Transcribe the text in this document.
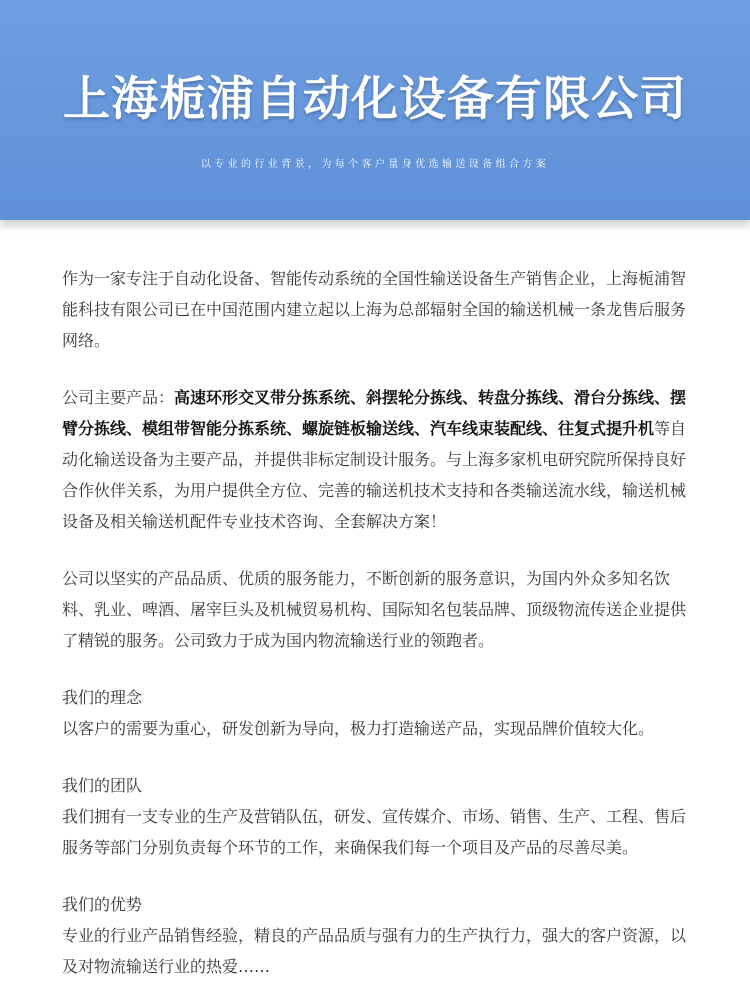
上海栀浦自动化设备有限公司

以专业的行业背景，为每个客户量身优选输送设备组合方案

作为一家专注于自动化设备、智能传动系统的全国性输送设备生产销售企业，上海栀浦智能科技有限公司已在中国范围内建立起以上海为总部辐射全国的输送机械一条龙售后服务网络。

公司主要产品：高速环形交叉带分拣系统、斜摆轮分拣线、转盘分拣线、滑台分拣线、摆臂分拣线、模组带智能分拣系统、螺旋链板输送线、汽车线束装配线、往复式提升机等自动化输送设备为主要产品，并提供非标定制设计服务。与上海多家机电研究院所保持良好合作伙伴关系，为用户提供全方位、完善的输送机技术支持和各类输送流水线，输送机械设备及相关输送机配件专业技术咨询、全套解决方案！

公司以坚实的产品品质、优质的服务能力，不断创新的服务意识，为国内外众多知名饮料、乳业、啤酒、屠宰巨头及机械贸易机构、国际知名包装品牌、顶级物流传送企业提供了精锐的服务。公司致力于成为国内物流输送行业的领跑者。

我们的理念
以客户的需要为重心，研发创新为导向，极力打造输送产品，实现品牌价值较大化。

我们的团队
我们拥有一支专业的生产及营销队伍，研发、宣传媒介、市场、销售、生产、工程、售后服务等部门分别负责每个环节的工作，来确保我们每一个项目及产品的尽善尽美。

我们的优势
专业的行业产品销售经验，精良的产品品质与强有力的生产执行力，强大的客户资源，以及对物流输送行业的热爱……
